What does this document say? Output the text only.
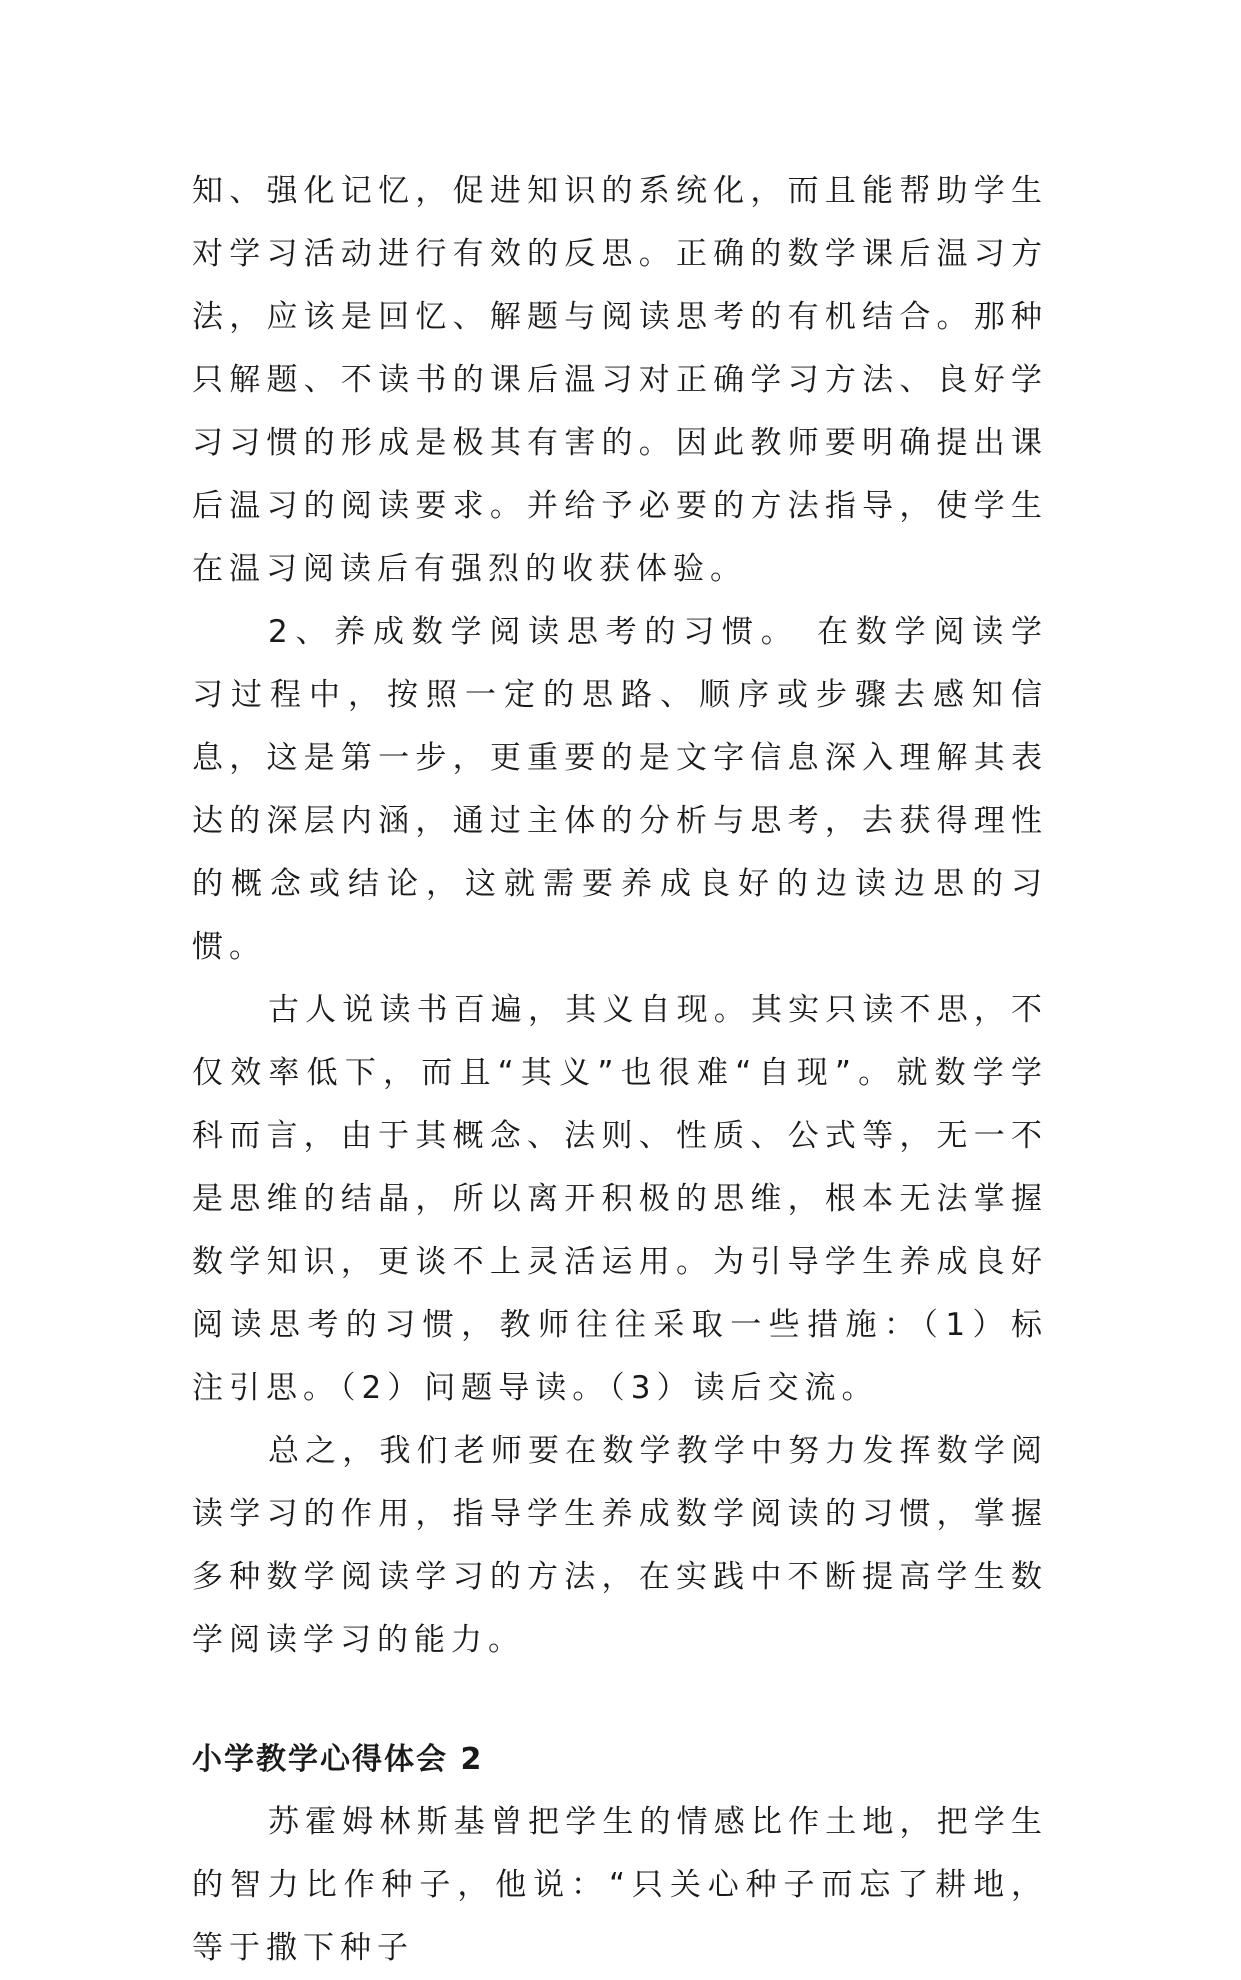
知、强化记忆，促进知识的系统化，而且能帮助学生对学习活动进行有效的反思。正确的数学课后温习方法，应该是回忆、解题与阅读思考的有机结合。那种只解题、不读书的课后温习对正确学习方法、良好学习习惯的形成是极其有害的。因此教师要明确提出课后温习的阅读要求。并给予必要的方法指导，使学生在温习阅读后有强烈的收获体验。

2、养成数学阅读思考的习惯。 在数学阅读学习过程中，按照一定的思路、顺序或步骤去感知信息，这是第一步，更重要的是文字信息深入理解其表达的深层内涵，通过主体的分析与思考，去获得理性的概念或结论，这就需要养成良好的边读边思的习惯。

古人说读书百遍，其义自现。其实只读不思，不仅效率低下，而且“其义”也很难“自现”。就数学学科而言，由于其概念、法则、性质、公式等，无一不是思维的结晶，所以离开积极的思维，根本无法掌握数学知识，更谈不上灵活运用。为引导学生养成良好阅读思考的习惯，教师往往采取一些措施：（1）标注引思。（2）问题导读。（3）读后交流。

总之，我们老师要在数学教学中努力发挥数学阅读学习的作用，指导学生养成数学阅读的习惯，掌握多种数学阅读学习的方法，在实践中不断提高学生数学阅读学习的能力。

小学教学心得体会 2

苏霍姆林斯基曾把学生的情感比作土地，把学生的智力比作种子，他说：“只关心种子而忘了耕地，等于撒下种子
